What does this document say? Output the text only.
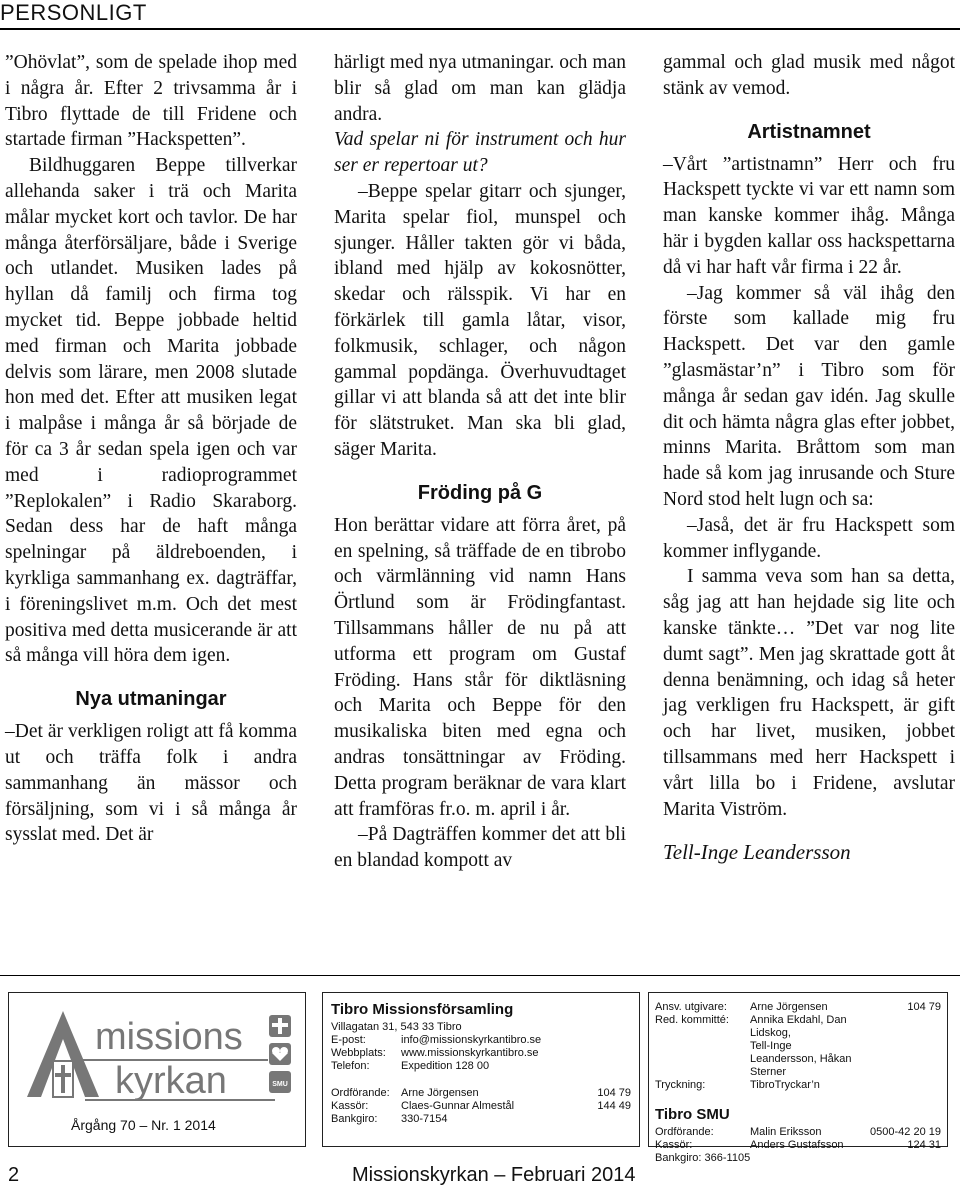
PERSONLIGT

”Ohövlat”, som de spelade ihop med i några år. Efter 2 trivsamma år i Tibro flyttade de till Fridene och startade firman ”Hackspetten”.

Bildhuggaren Beppe tillverkar allehanda saker i trä och Marita målar mycket kort och tavlor. De har många återförsäljare, både i Sverige och utlandet. Musiken lades på hyllan då familj och firma tog mycket tid. Beppe jobbade heltid med firman och Marita jobbade delvis som lärare, men 2008 slutade hon med det. Efter att musiken legat i malpåse i många år så började de för ca 3 år sedan spela igen och var med i radioprogrammet ”Replokalen” i Radio Skaraborg. Sedan dess har de haft många spelningar på äldreboenden, i kyrkliga sammanhang ex. dagträffar, i föreningslivet m.m. Och det mest positiva med detta musicerande är att så många vill höra dem igen.

Nya utmaningar

–Det är verkligen roligt att få komma ut och träffa folk i andra sammanhang än mässor och försäljning, som vi i så många år sysslat med. Det är

härligt med nya utmaningar. och man blir så glad om man kan glädja andra.

Vad spelar ni för instrument och hur ser er repertoar ut?

–Beppe spelar gitarr och sjunger, Marita spelar fiol, munspel och sjunger. Håller takten gör vi båda, ibland med hjälp av kokosnötter, skedar och rälsspik. Vi har en förkärlek till gamla låtar, visor, folkmusik, schlager, och någon gammal popdänga. Överhuvudtaget gillar vi att blanda så att det inte blir för slätstruket. Man ska bli glad, säger Marita.

Fröding på G

Hon berättar vidare att förra året, på en spelning, så träffade de en tibrobo och värmlänning vid namn Hans Örtlund som är Frödingfantast. Tillsammans håller de nu på att utforma ett program om Gustaf Fröding. Hans står för diktläsning och Marita och Beppe för den musikaliska biten med egna och andras tonsättningar av Fröding. Detta program beräknar de vara klart att framföras fr.o. m. april i år.

–På Dagträffen kommer det att bli en blandad kompott av

gammal och glad musik med något stänk av vemod.

Artistnamnet

–Vårt ”artistnamn” Herr och fru Hackspett tyckte vi var ett namn som man kanske kommer ihåg. Många här i bygden kallar oss hackspettarna då vi har haft vår firma i 22 år.

–Jag kommer så väl ihåg den förste som kallade mig fru Hackspett. Det var den gamle ”glasmästar’n” i Tibro som för många år sedan gav idén. Jag skulle dit och hämta några glas efter jobbet, minns Marita. Bråttom som man hade så kom jag inrusande och Sture Nord stod helt lugn och sa:

–Jaså, det är fru Hackspett som kommer inflygande.

I samma veva som han sa detta, såg jag att han hejdade sig lite och kanske tänkte… ”Det var nog lite dumt sagt”. Men jag skrattade gott åt denna benämning, och idag så heter jag verkligen fru Hackspett, är gift och har livet, musiken, jobbet tillsammans med herr Hackspett i vårt lilla bo i Fridene, avslutar Marita Viström.

Tell-Inge Leandersson
missions
kyrkan	SMU
Årgång 70 – Nr. 1 2014
Tibro Missionsförsamling
Villagatan 31, 543 33 Tibro
E-post:	info@missionskyrkantibro.se
Webbplats:	www.missionskyrkantibro.se
Telefon:	Expedition 128 00
Ordförande:	Arne Jörgensen	104 79
Kassör:	Claes-Gunnar Almestål	144 49
Bankgiro:	330-7154
Ansv. utgivare:	Arne Jörgensen	104 79
Red. kommitté:	Annika Ekdahl, Dan Lidskog,
Tell-Inge Leandersson, Håkan Sterner
Tryckning:	TibroTryckar’n
Tibro SMU
Ordförande:	Malin Eriksson	0500-42 20 19
Kassör:	Anders Gustafsson	124 31
Bankgiro: 366-1105
2	Missionskyrkan – Februari 2014
